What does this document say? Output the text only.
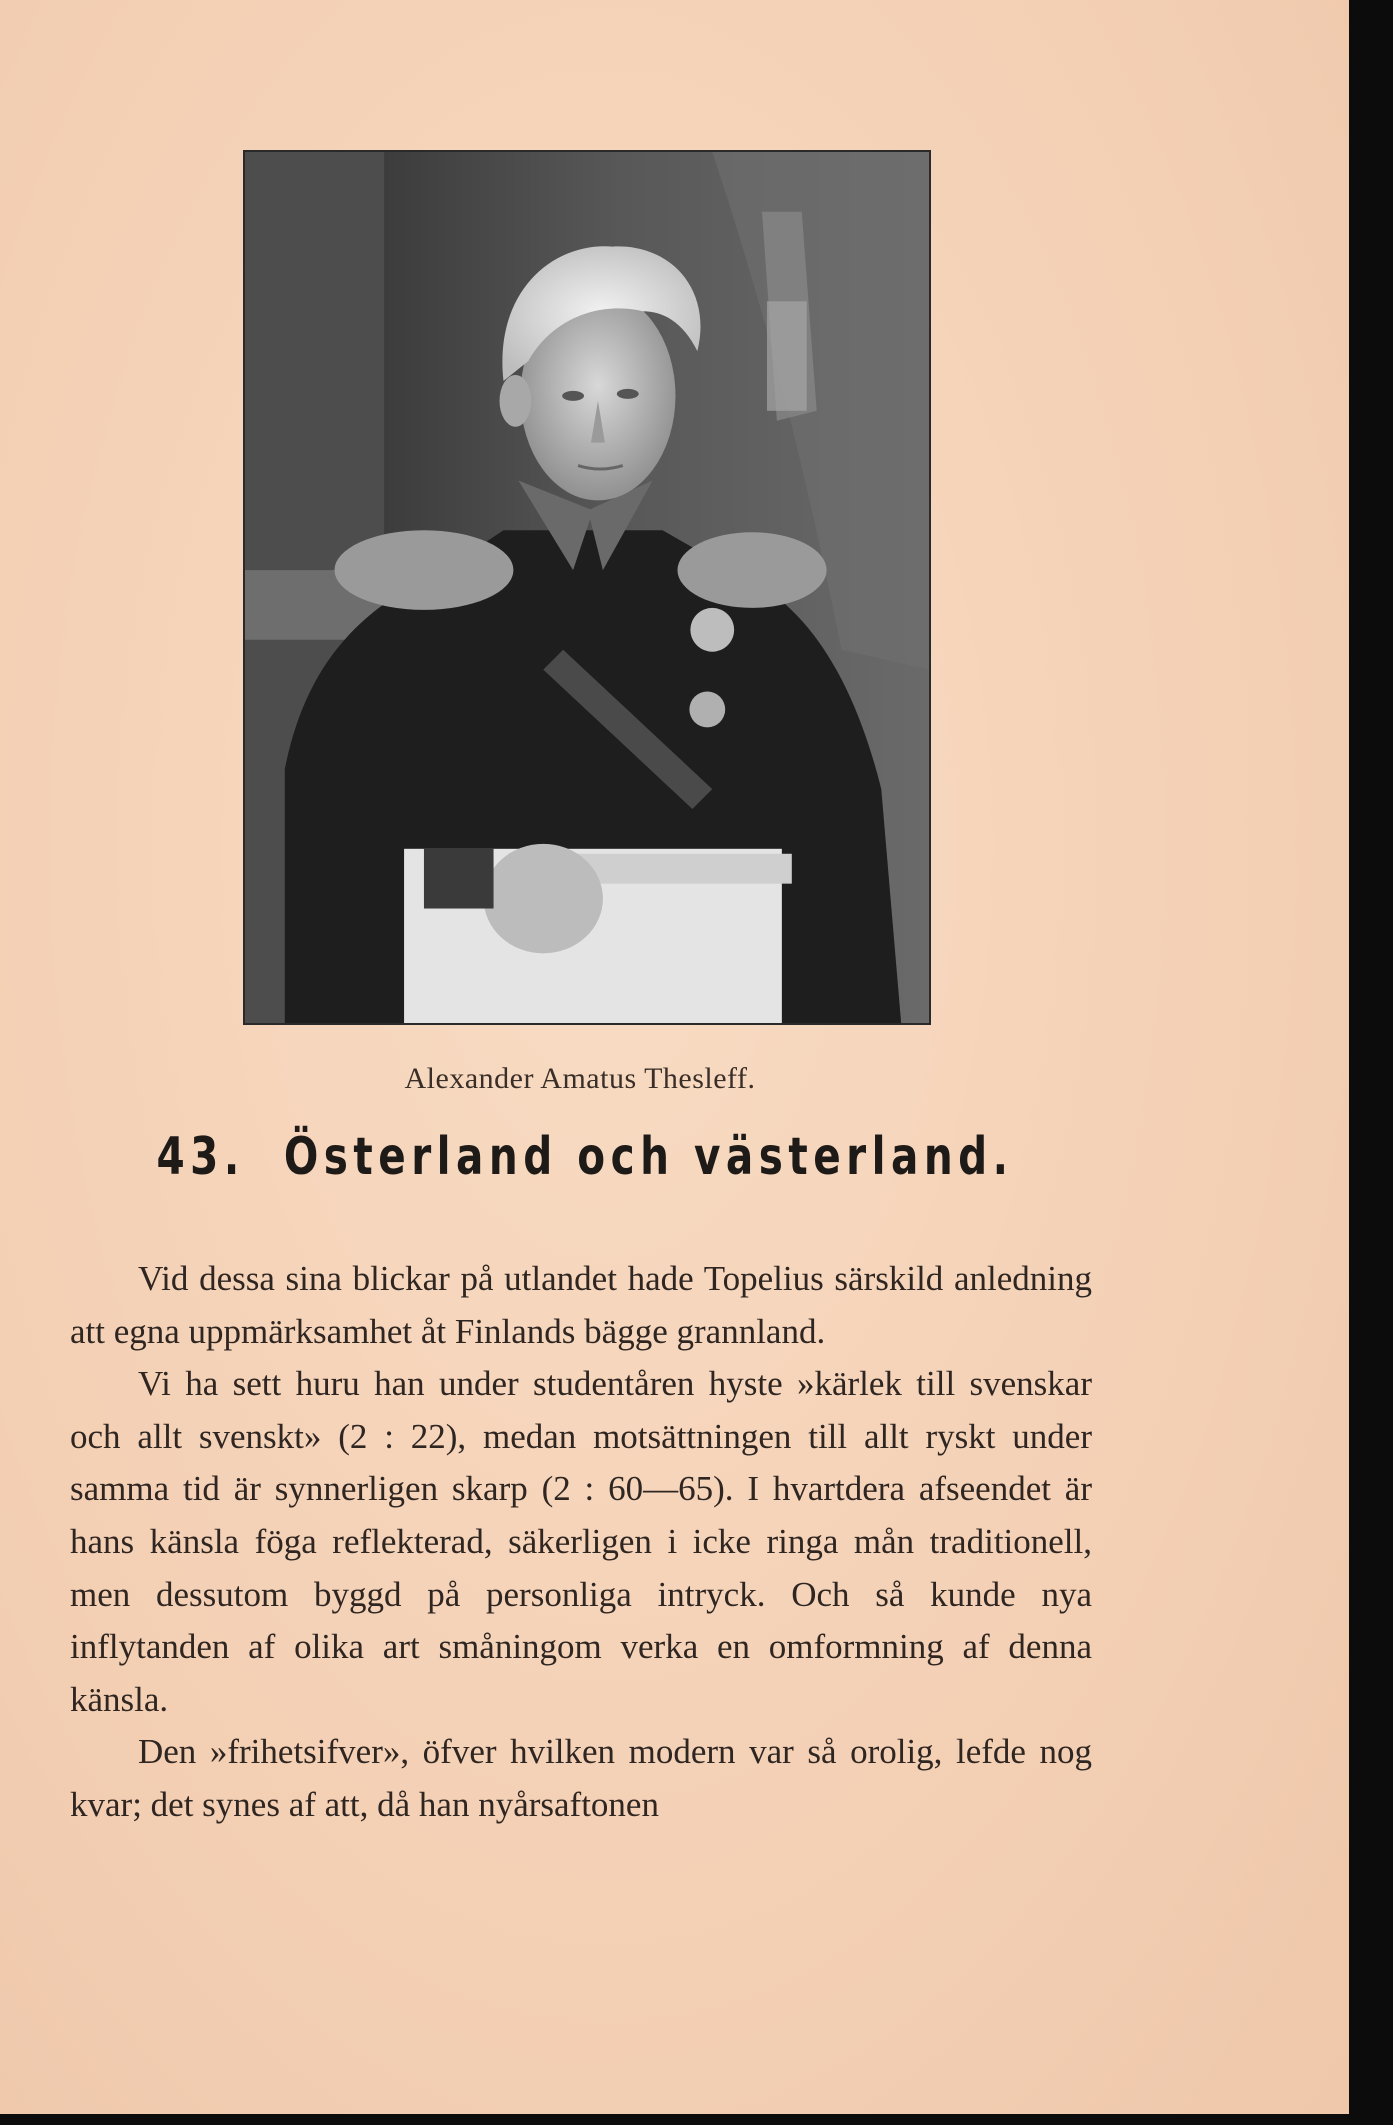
Alexander Amatus Thesleff.
43. Österland och västerland.

Vid dessa sina blickar på utlandet hade Topelius särskild anledning att egna uppmärksamhet åt Finlands bägge grannland.

Vi ha sett huru han under studentåren hyste »kärlek till svenskar och allt svenskt» (2 : 22), medan motsättningen till allt ryskt under samma tid är synnerligen skarp (2 : 60—65). I hvartdera afseendet är hans känsla föga reflekterad, säkerligen i icke ringa mån traditionell, men dessutom byggd på personliga intryck. Och så kunde nya inflytanden af olika art småningom verka en omformning af denna känsla.

Den »frihetsifver», öfver hvilken modern var så orolig, lefde nog kvar; det synes af att, då han nyårsaftonen
